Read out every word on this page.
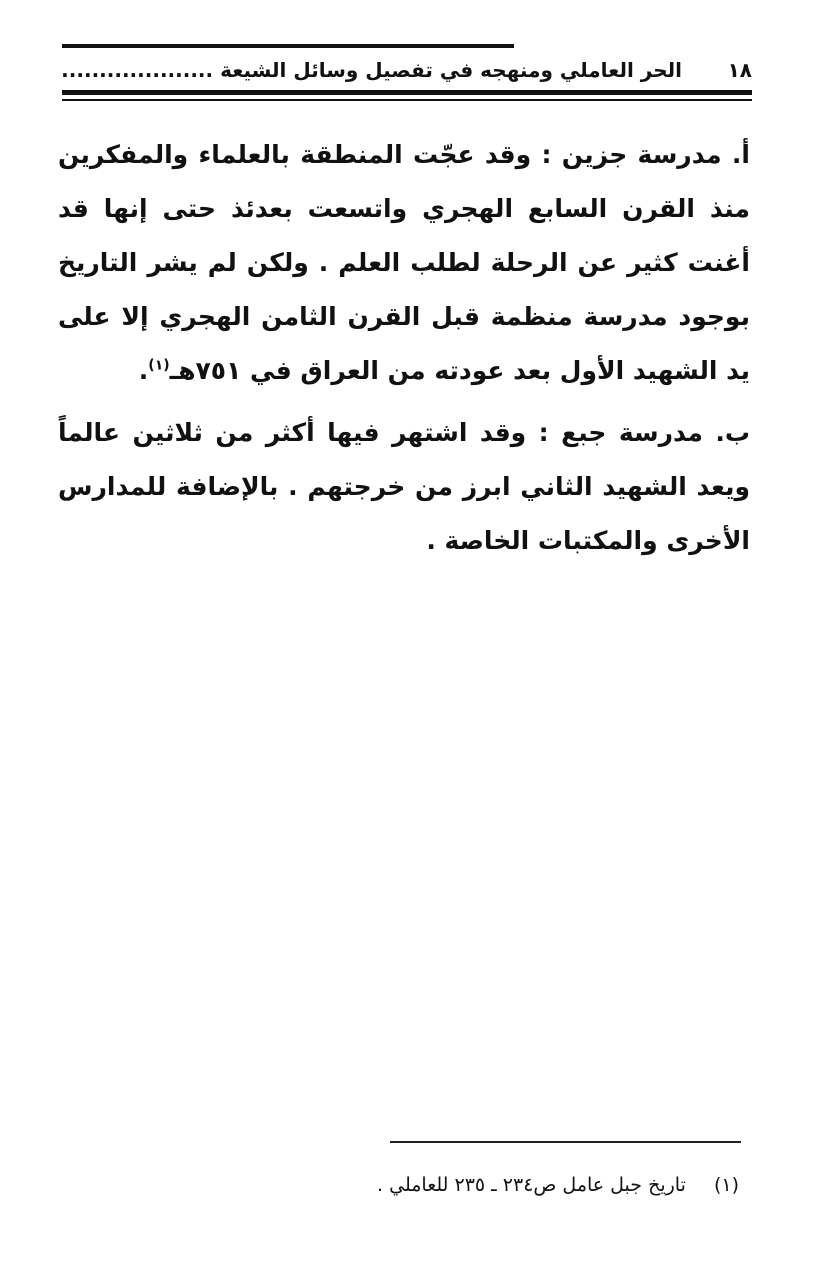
الحر العاملي ومنهجه في تفصيل وسائل الشيعة ....................	١٨

أ. مدرسة جزين : وقد عجّت المنطقة بالعلماء والمفكرين منذ القرن السابع الهجري واتسعت بعدئذ حتى إنها قد أغنت كثير عن الرحلة لطلب العلم . ولكن لم يشر التاريخ بوجود مدرسة منظمة قبل القرن الثامن الهجري إلا على يد الشهيد الأول بعد عودته من العراق في ٧٥١هـ$^{(١)}$.

ب. مدرسة جبع : وقد اشتهر فيها أكثر من ثلاثين عالماً ويعد الشهيد الثاني ابرز من خرجتهم . بالإضافة للمدارس الأخرى والمكتبات الخاصة .

(١) تاريخ جبل عامل ص٢٣٤ ـ ٢٣٥ للعاملي .
